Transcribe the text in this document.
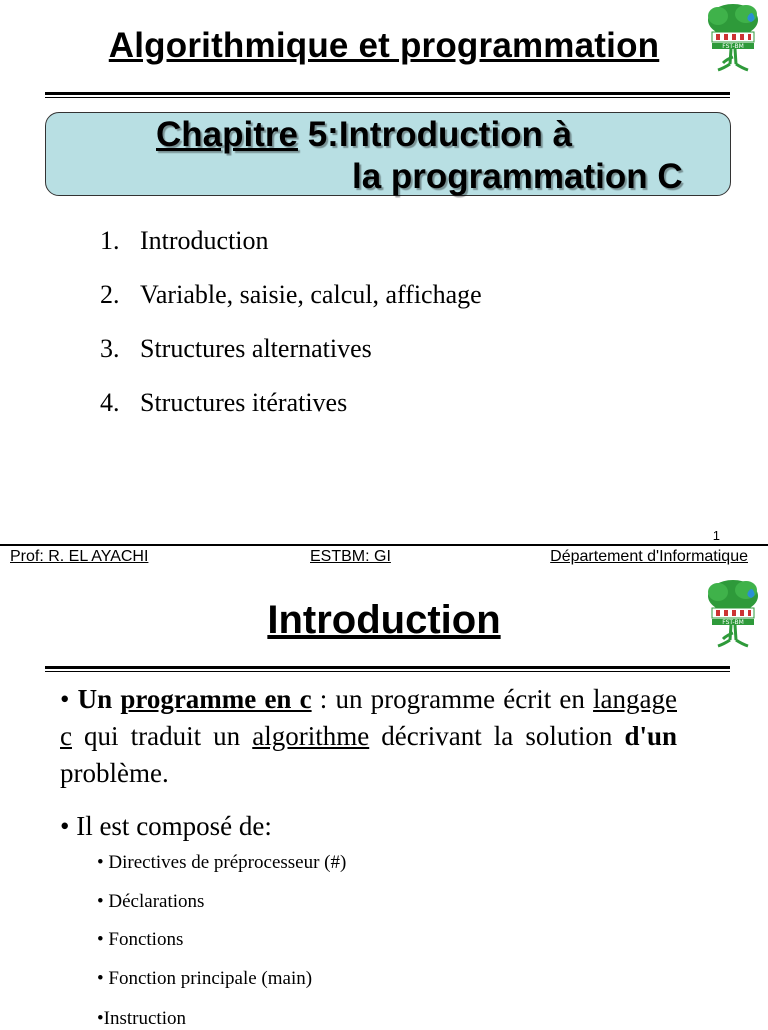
Algorithmique et programmation	FST-BM
Chapitre 5:Introduction à
la programmation C
1. Introduction
2. Variable, saisie, calcul, affichage
3. Structures alternatives
4. Structures itératives
1
Prof: R. EL AYACHI	ESTBM: GI	Département d'Informatique
Introduction	FST-BM
• Un programme en c : un programme écrit en langage c qui traduit un algorithme décrivant la solution d'un problème.
• Il est composé de:
• Directives de préprocesseur (#)
• Déclarations
• Fonctions
• Fonction principale (main)
•Instruction
